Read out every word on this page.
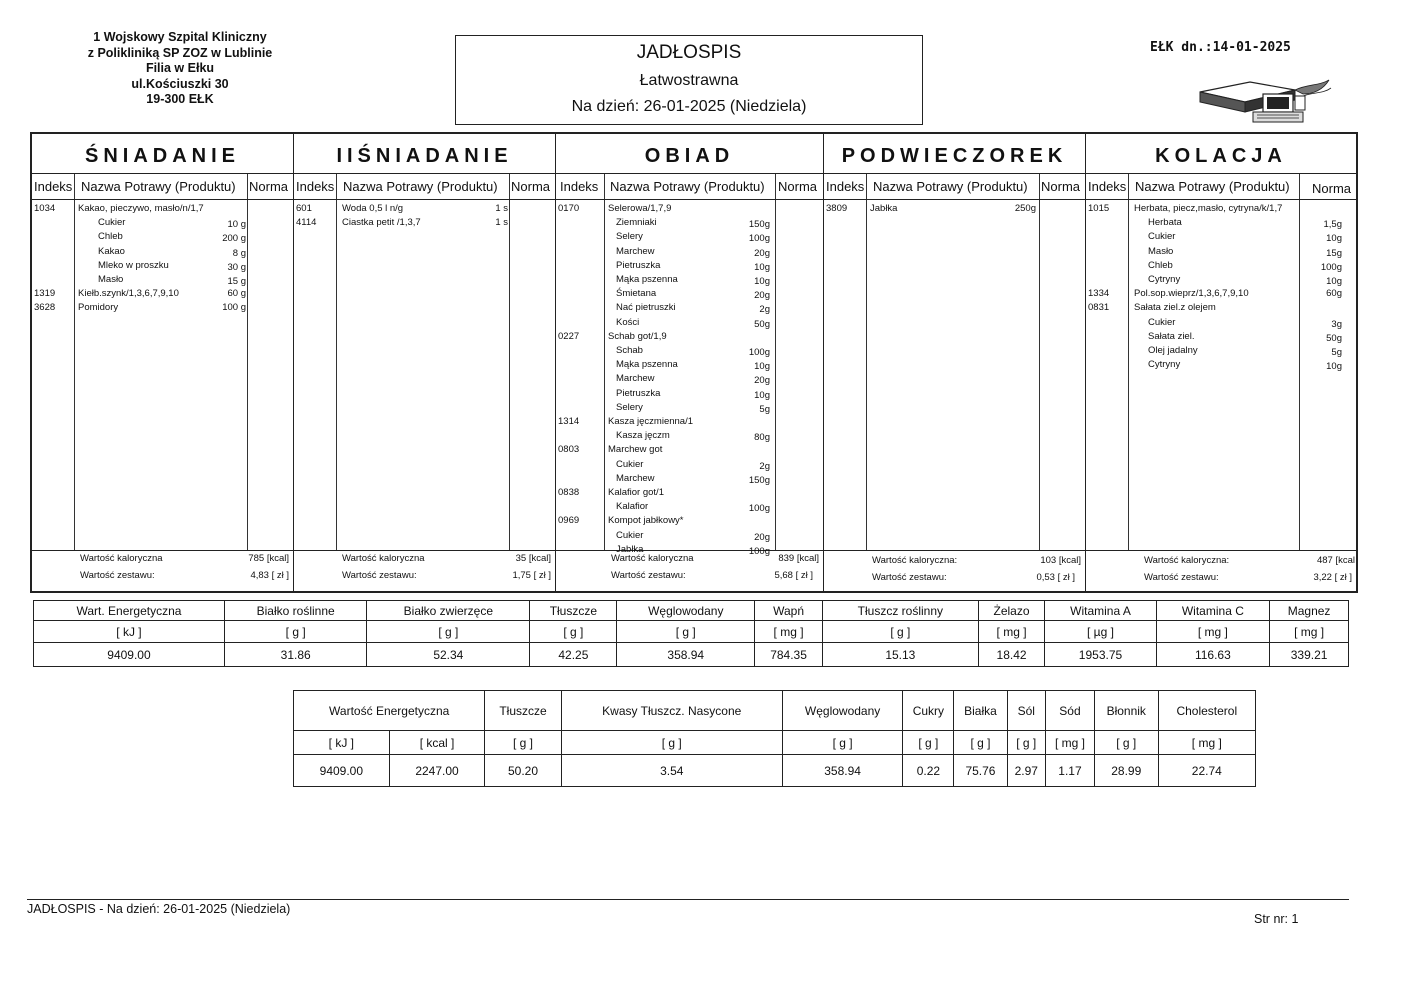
1 Wojskowy Szpital Kliniczny
z Polikliniką SP ZOZ w Lublinie
Filia w Ełku
ul.Kościuszki 30
19-300 EŁK
JADŁOSPIS
Łatwostrawna
Na dzień: 26-01-2025 (Niedziela)
EŁK dn.:14-01-2025
ŚNIADANIE
Indeks Nazwa Potrawy (Produktu) Norma
1034 Kakao, pieczywo, masło/n/1,7
Cukier	10 g
Chleb	200 g
Kakao	8 g
Mleko w proszku	30 g
Masło	15 g
1319 Kiełb.szynk/1,3,6,7,9,10	60 g
3628 Pomidory	100 g
Wartość kaloryczna	785 [kcal]
Wartość zestawu:	4,83 [ zł ]
IIŚNIADANIE
Indeks Nazwa Potrawy (Produktu) Norma
601	Woda 0,5 l n/g	1 s
4114	Ciastka petit /1,3,7	1 s
Wartość kaloryczna	35 [kcal]
Wartość zestawu:	1,75 [ zł ]
OBIAD
Indeks Nazwa Potrawy (Produktu) Norma
0170	Selerowa/1,7,9
Ziemniaki	150g
Selery	100g
Marchew	20g
Pietruszka	10g
Mąka pszenna	10g
Śmietana	20g
Nać pietruszki	2g
Kości	50g
0227	Schab got/1,9
Schab	100g
Mąka pszenna	10g
Marchew	20g
Pietruszka	10g
Selery	5g
1314	Kasza jęczmienna/1
Kasza jęczm	80g
0803	Marchew got
Cukier	2g
Marchew	150g
0838	Kalafior got/1
Kalafior	100g
0969	Kompot jabłkowy*
Cukier	20g
Jabłka	100g
Wartość kaloryczna	839 [kcal]
Wartość zestawu:	5,68 [ zł ]
PODWIECZOREK
Indeks Nazwa Potrawy (Produktu) Norma
3809 Jabłka	250g
Wartość kaloryczna:	103 [kcal]
Wartość zestawu:	0,53 [ zł ]
KOLACJA
Indeks Nazwa Potrawy (Produktu) Norma
1015	Herbata, piecz,masło, cytryna/k/1,7
Herbata	1,5g
Cukier	10g
Masło	15g
Chleb	100g
Cytryny	10g
1334	Pol.sop.wieprz/1,3,6,7,9,10	60g
0831	Sałata ziel.z olejem
Cukier	3g
Sałata ziel.	50g
Olej jadalny	5g
Cytryny	10g
Wartość kaloryczna:	487 [kcal
Wartość zestawu:	3,22 [ zł ]
Wart. Energetyczna	Białko roślinne	Białko zwierzęce	Tłuszcze	Węglowodany	Wapń	Tłuszcz roślinny	Żelazo	Witamina A	Witamina C	Magnez
[ kJ ]	[ g ]	[ g ]	[ g ]	[ g ]	[ mg ]	[ g ]	[ mg ]	[ µg ]	[ mg ]	[ mg ]
9409.00	31.86	52.34	42.25	358.94	784.35	15.13	18.42	1953.75	116.63	339.21
Wartość Energetyczna		Tłuszcze	Kwasy Tłuszcz. Nasycone	Węglowodany	Cukry	Białka	Sól	Sód	Błonnik	Cholesterol
[ kJ ]	[ kcal ]	[ g ]	[ g ]	[ g ]	[ g ]	[ g ]	[ g ]	[ mg ]	[ g ]	[ mg ]
9409.00	2247.00	50.20	3.54	358.94	0.22	75.76	2.97	1.17	28.99	22.74
JADŁOSPIS - Na dzień: 26-01-2025 (Niedziela)
Str nr: 1
